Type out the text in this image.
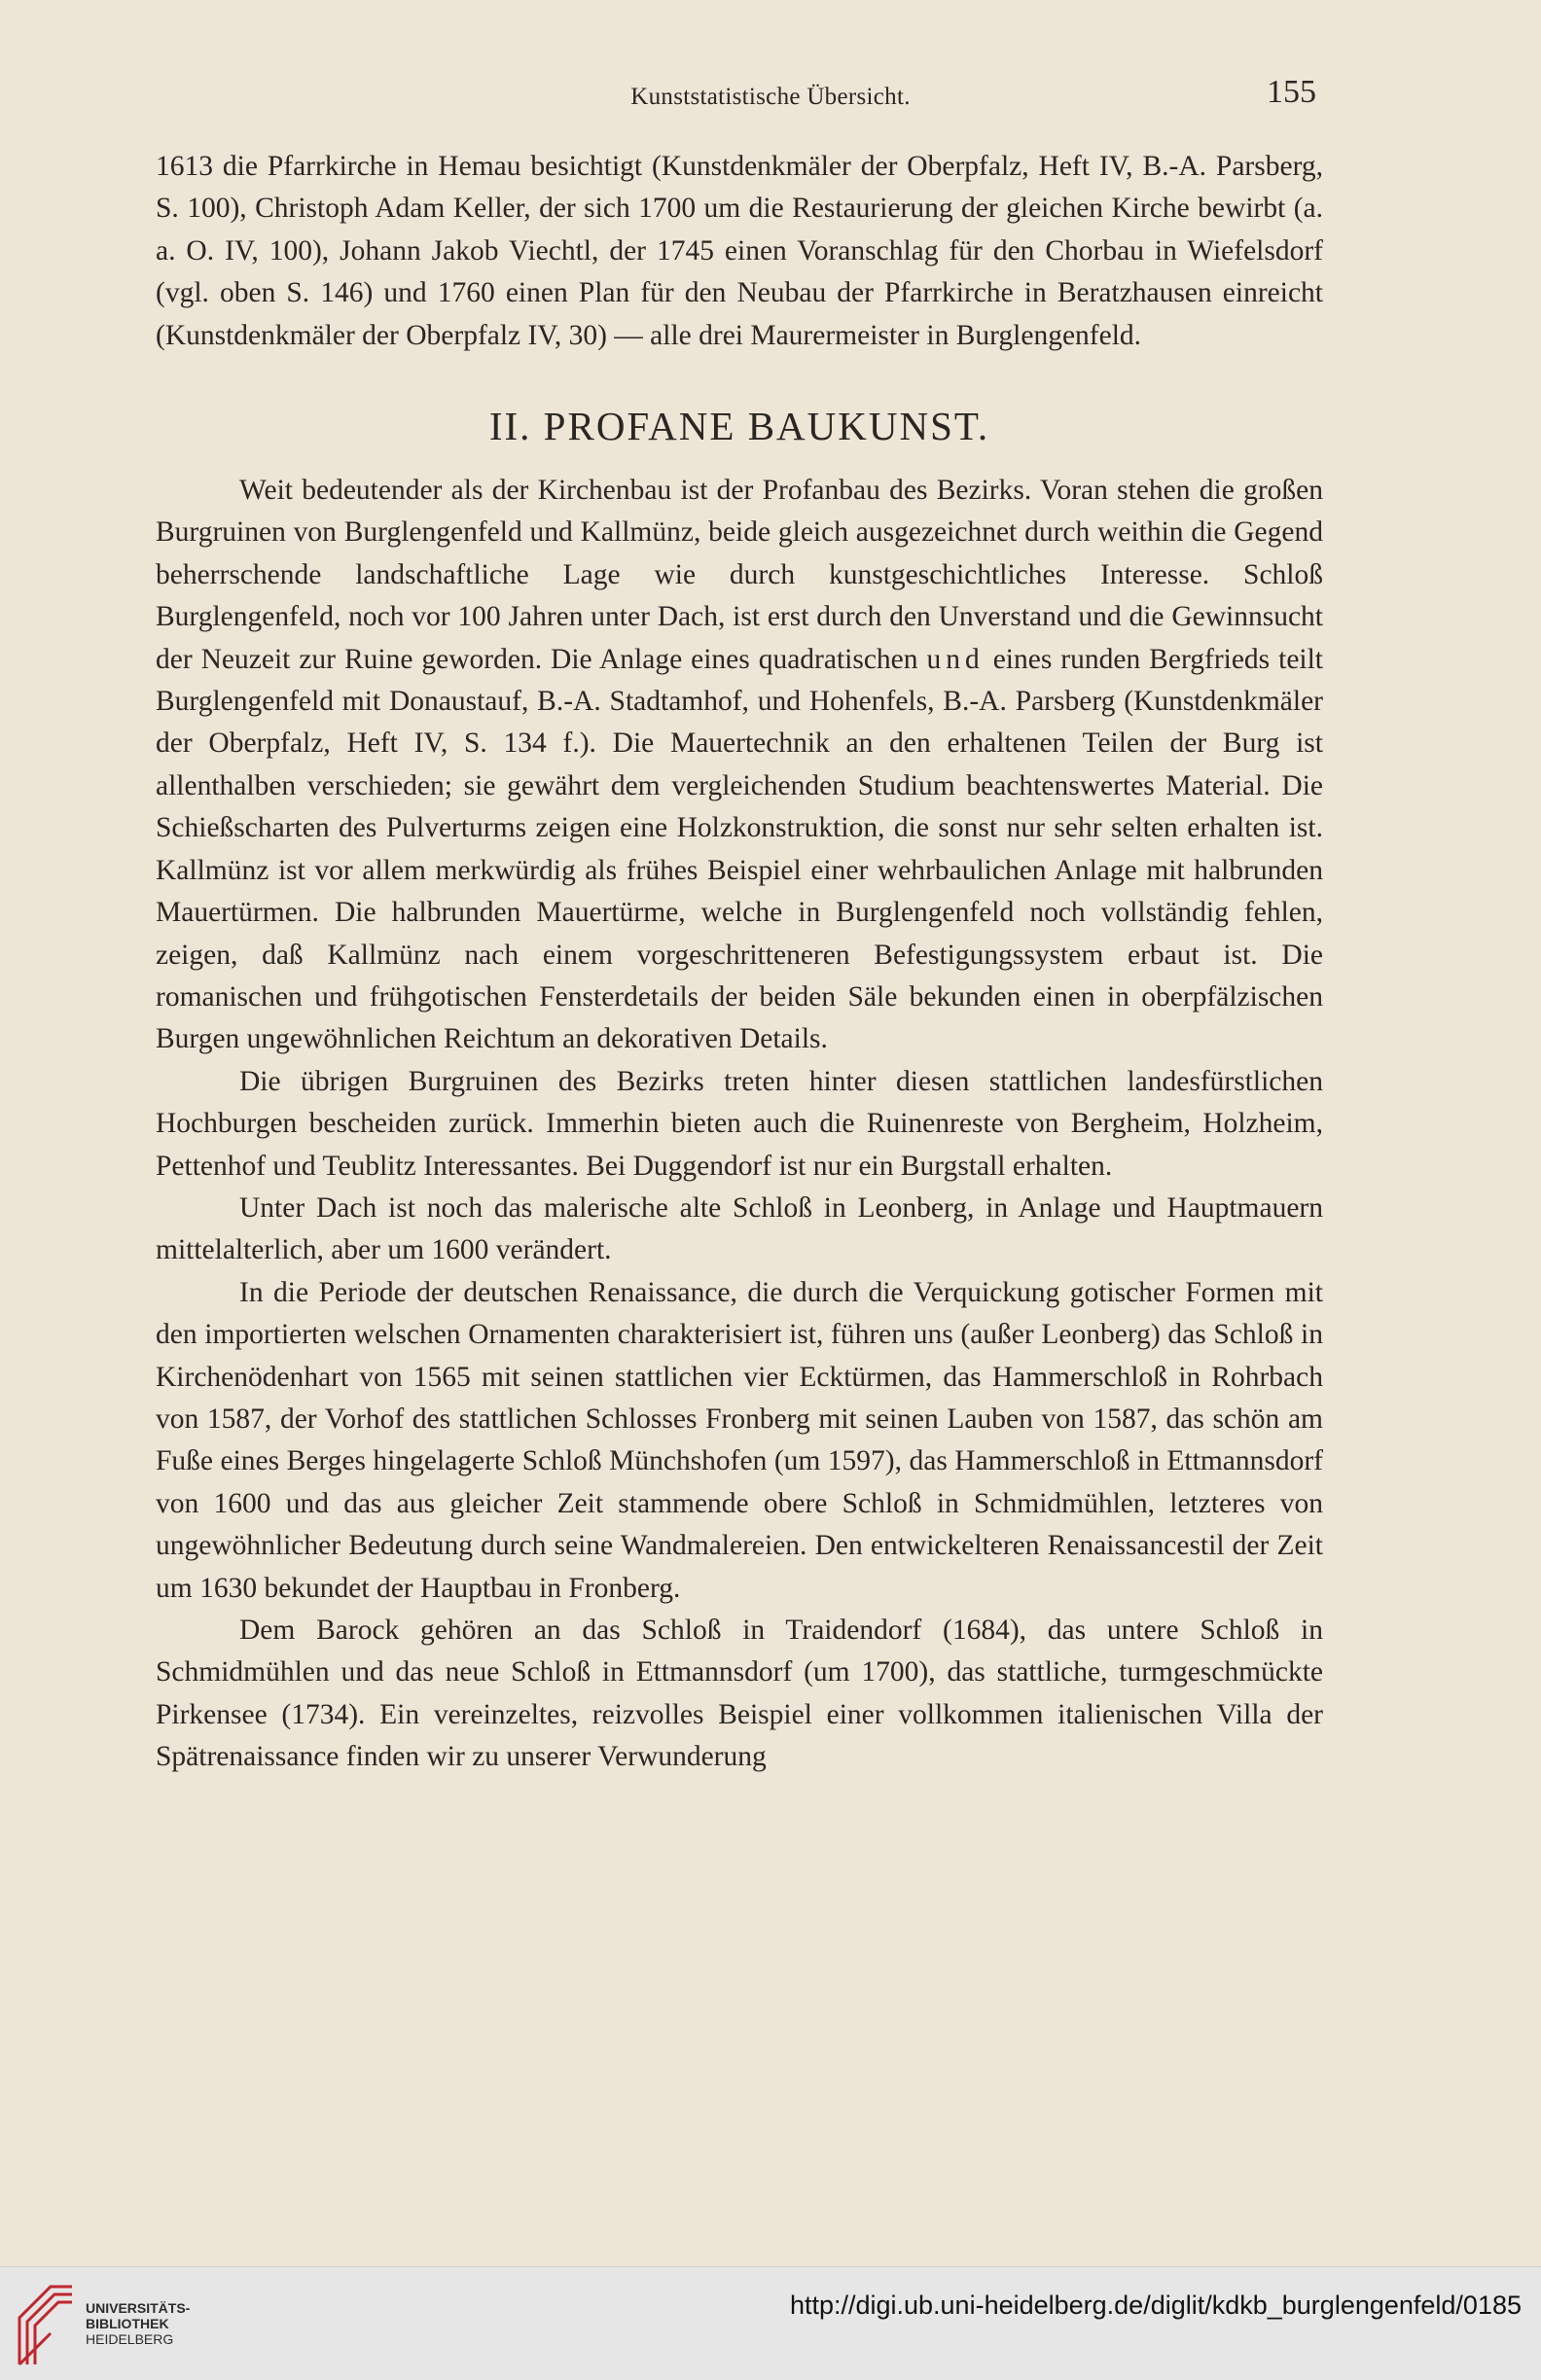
Kunststatistische Übersicht.	155

1613 die Pfarrkirche in Hemau besichtigt (Kunstdenkmäler der Oberpfalz, Heft IV, B.-A. Parsberg, S. 100), Christoph Adam Keller, der sich 1700 um die Restaurierung der gleichen Kirche bewirbt (a. a. O. IV, 100), Johann Jakob Viechtl, der 1745 einen Voranschlag für den Chorbau in Wiefelsdorf (vgl. oben S. 146) und 1760 einen Plan für den Neubau der Pfarrkirche in Beratzhausen einreicht (Kunstdenkmäler der Oberpfalz IV, 30) — alle drei Maurermeister in Burglengenfeld.

II. PROFANE BAUKUNST.

Weit bedeutender als der Kirchenbau ist der Profanbau des Bezirks. Voran stehen die großen Burgruinen von Burglengenfeld und Kallmünz, beide gleich ausgezeichnet durch weithin die Gegend beherrschende landschaftliche Lage wie durch kunstgeschichtliches Interesse. Schloß Burglengenfeld, noch vor 100 Jahren unter Dach, ist erst durch den Unverstand und die Gewinnsucht der Neuzeit zur Ruine geworden. Die Anlage eines quadratischen und eines runden Bergfrieds teilt Burglengenfeld mit Donaustauf, B.-A. Stadtamhof, und Hohenfels, B.-A. Parsberg (Kunstdenkmäler der Oberpfalz, Heft IV, S. 134 f.). Die Mauertechnik an den erhaltenen Teilen der Burg ist allenthalben verschieden; sie gewährt dem vergleichenden Studium beachtenswertes Material. Die Schießscharten des Pulverturms zeigen eine Holzkonstruktion, die sonst nur sehr selten erhalten ist. Kallmünz ist vor allem merkwürdig als frühes Beispiel einer wehrbaulichen Anlage mit halbrunden Mauertürmen. Die halbrunden Mauertürme, welche in Burglengenfeld noch vollständig fehlen, zeigen, daß Kallmünz nach einem vorgeschritteneren Befestigungssystem erbaut ist. Die romanischen und frühgotischen Fensterdetails der beiden Säle bekunden einen in oberpfälzischen Burgen ungewöhnlichen Reichtum an dekorativen Details.

Die übrigen Burgruinen des Bezirks treten hinter diesen stattlichen landesfürstlichen Hochburgen bescheiden zurück. Immerhin bieten auch die Ruinenreste von Bergheim, Holzheim, Pettenhof und Teublitz Interessantes. Bei Duggendorf ist nur ein Burgstall erhalten.

Unter Dach ist noch das malerische alte Schloß in Leonberg, in Anlage und Hauptmauern mittelalterlich, aber um 1600 verändert.

In die Periode der deutschen Renaissance, die durch die Verquickung gotischer Formen mit den importierten welschen Ornamenten charakterisiert ist, führen uns (außer Leonberg) das Schloß in Kirchenödenhart von 1565 mit seinen stattlichen vier Ecktürmen, das Hammerschloß in Rohrbach von 1587, der Vorhof des stattlichen Schlosses Fronberg mit seinen Lauben von 1587, das schön am Fuße eines Berges hingelagerte Schloß Münchshofen (um 1597), das Hammerschloß in Ettmannsdorf von 1600 und das aus gleicher Zeit stammende obere Schloß in Schmidmühlen, letzteres von ungewöhnlicher Bedeutung durch seine Wandmalereien. Den entwickelteren Renaissancestil der Zeit um 1630 bekundet der Hauptbau in Fronberg.

Dem Barock gehören an das Schloß in Traidendorf (1684), das untere Schloß in Schmidmühlen und das neue Schloß in Ettmannsdorf (um 1700), das stattliche, turmgeschmückte Pirkensee (1734). Ein vereinzeltes, reizvolles Beispiel einer vollkommen italienischen Villa der Spätrenaissance finden wir zu unserer Verwunderung

UNIVERSITÄTS-
BIBLIOTHEK
HEIDELBERG
http://digi.ub.uni-heidelberg.de/diglit/kdkb_burglengenfeld/0185
